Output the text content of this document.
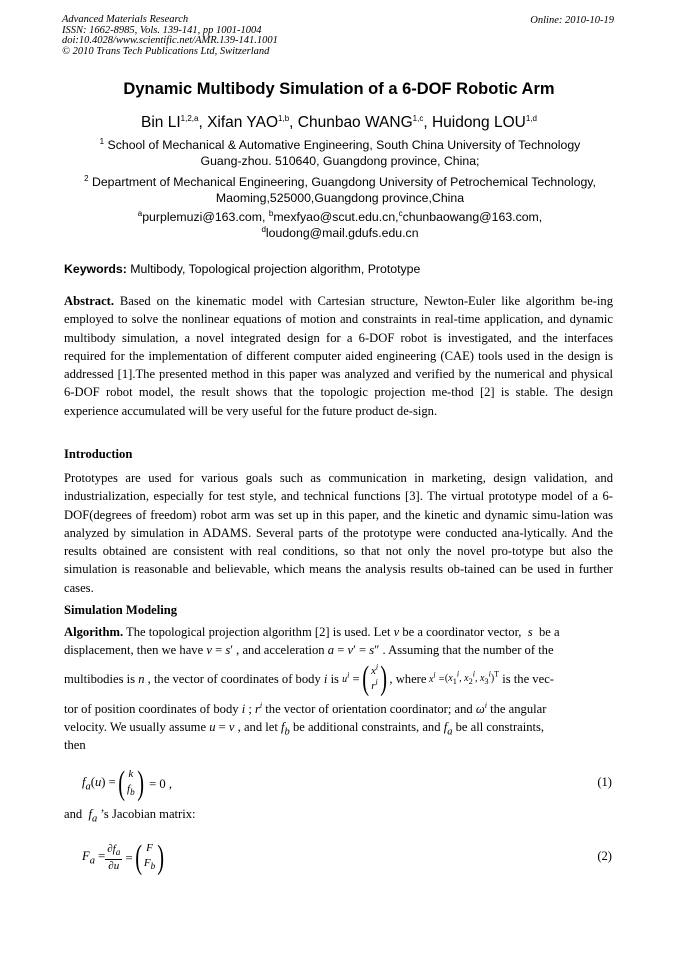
Advanced Materials Research
ISSN: 1662-8985, Vols. 139-141, pp 1001-1004
doi:10.4028/www.scientific.net/AMR.139-141.1001
© 2010 Trans Tech Publications Ltd, Switzerland
Online: 2010-10-19
Dynamic Multibody Simulation of a 6-DOF Robotic Arm
Bin LI$^{1,2,a}$, Xifan YAO$^{1,b}$, Chunbao WANG$^{1,c}$, Huidong LOU$^{1,d}$
$^1$ School of Mechanical & Automative Engineering, South China University of Technology Guang-zhou. 510640, Guangdong province, China;
$^2$ Department of Mechanical Engineering, Guangdong University of Petrochemical Technology, Maoming,525000,Guangdong province,China
$^a$purplemuzi@163.com, $^b$mexfyao@scut.edu.cn,$^c$chunbaowang@163.com,
$^d$loudong@mail.gdufs.edu.cn
Keywords: Multibody, Topological projection algorithm, Prototype
Abstract. Based on the kinematic model with Cartesian structure, Newton-Euler like algorithm be-ing employed to solve the nonlinear equations of motion and constraints in real-time application, and dynamic multibody simulation, a novel integrated design for a 6-DOF robot is investigated, and the interfaces required for the implementation of different computer aided engineering (CAE) tools used in the design is addressed [1].The presented method in this paper was analyzed and verified by the numerical and physical 6-DOF robot model, the result shows that the topologic projection me-thod [2] is stable. The design experience accumulated will be very useful for the future product de-sign.
Introduction
Prototypes are used for various goals such as communication in marketing, design validation, and industrialization, especially for test style, and technical functions [3]. The virtual prototype model of a 6-DOF(degrees of freedom) robot arm was set up in this paper, and the kinetic and dynamic simu-lation was analyzed by simulation in ADAMS. Several parts of the prototype were conducted ana-lytically. And the results obtained are consistent with real conditions, so that not only the novel pro-totype but also the simulation is reasonable and believable, which means the analysis results ob-tained can be used in further cases.
Simulation Modeling
Algorithm. The topological projection algorithm [2] is used. Let v be a coordinator vector, s be a
displacement, then we have v = s′ , and acceleration a = v′ = s″ . Assuming that the number of the
multibodies is
n
, the vector of coordinates of body
i
is
$u^i$ = ( $x^i$
$r^i$ ) , where $x^i = (x_1^i$, $x_2^i$, $x_3^i)^T$
is the vec-
tor of position coordinates of body i ; $r^i$ the vector of orientation coordinator; and $\omega^i$ the angular
velocity. We usually assume u = v , and let $f_b$ be additional constraints, and $f_a$ be all constraints,
then
$f_a(u)$ = ( k
$f_b$ ) = 0 ,	(1)
and $f_a$ ’s Jacobian matrix:
$F_a = \frac{\partial f_a}{\partial u}$ = ( F
$F_b$ )	(2)
